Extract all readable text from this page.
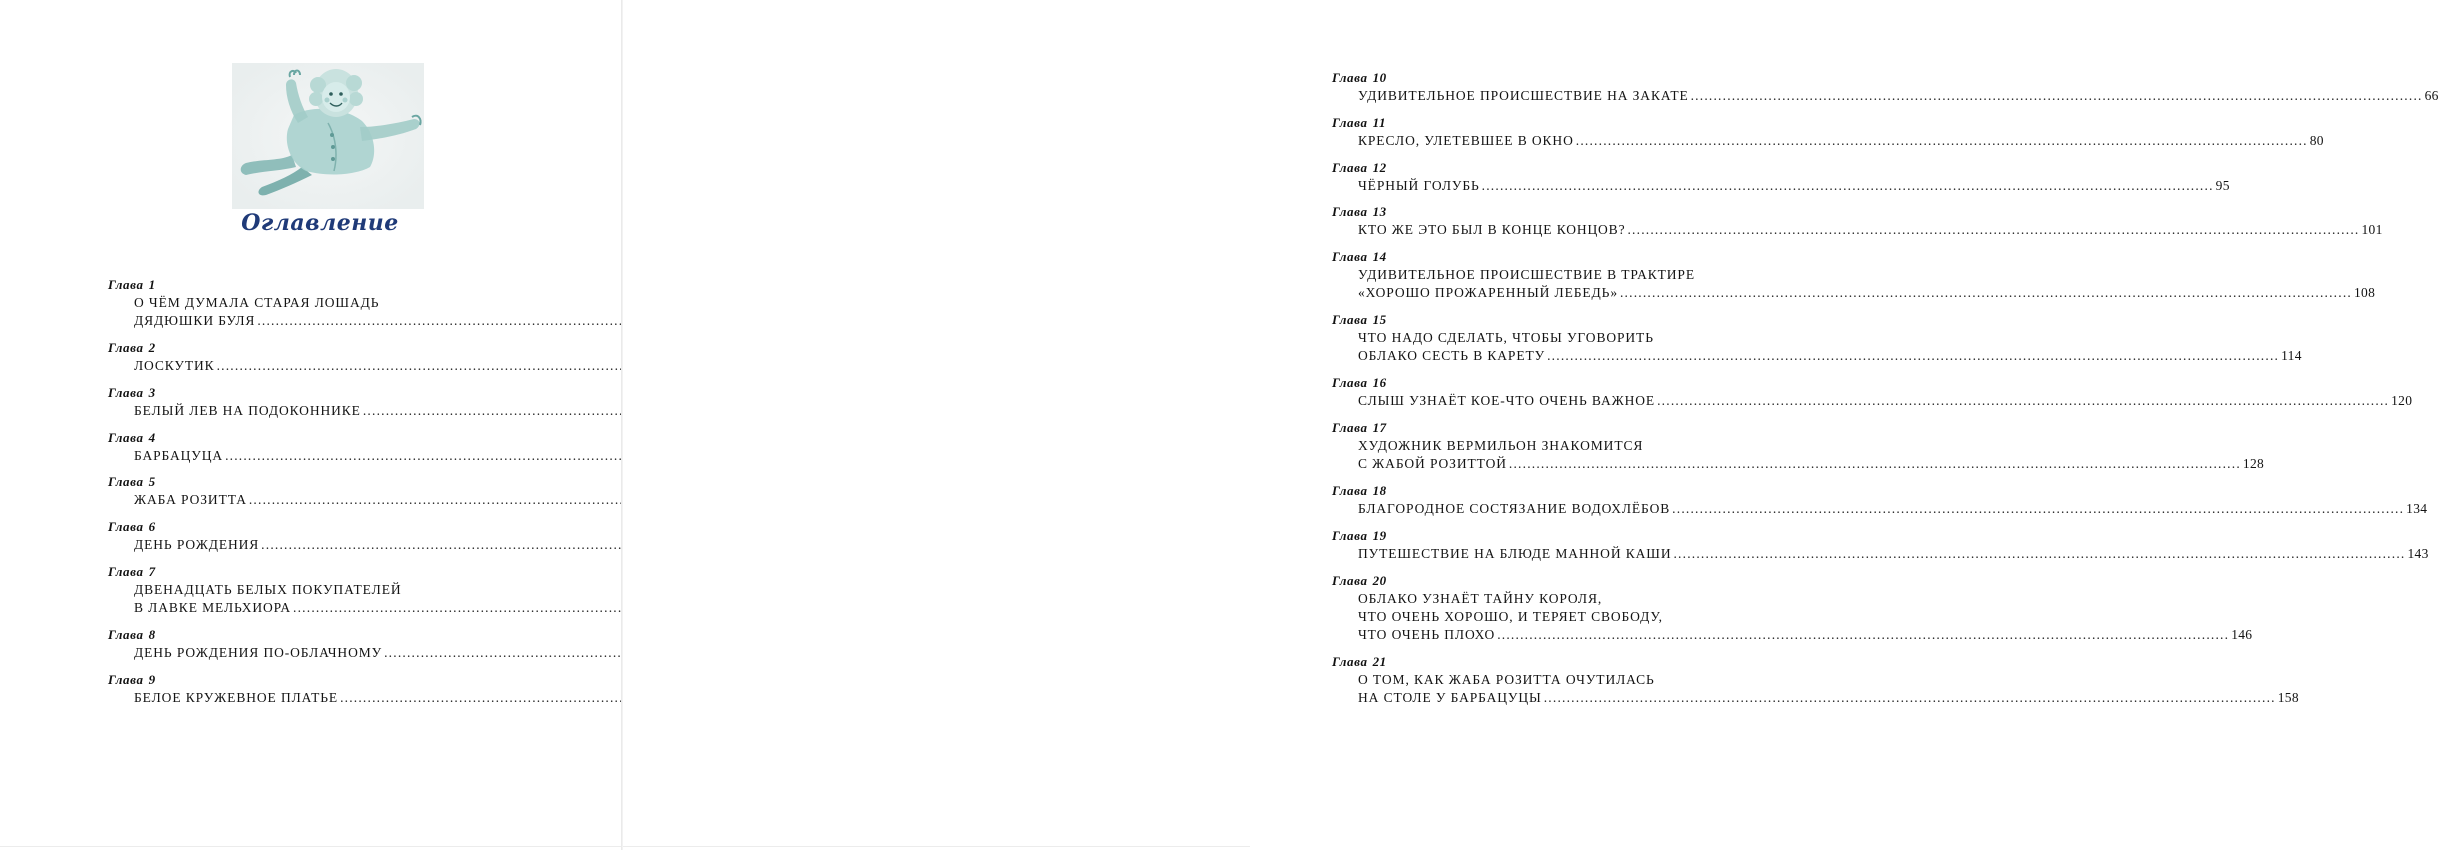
Оглавление
Глава 1
О ЧЁМ ДУМАЛА СТАРАЯ ЛОШАДЬ
ДЯДЮШКИ БУЛЯ
.....
Глава 2
ЛОСКУТИК
.....
Глава 3
БЕЛЫЙ ЛЕВ НА ПОДОКОННИКЕ
.....
Глава 4
БАРБАЦУЦА
.....
Глава 5
ЖАБА РОЗИТТА
.....
Глава 6
ДЕНЬ РОЖДЕНИЯ
.....
Глава 7
ДВЕНАДЦАТЬ БЕЛЫХ ПОКУПАТЕЛЕЙ
В ЛАВКЕ МЕЛЬХИОРА
.....
Глава 8
ДЕНЬ РОЖДЕНИЯ ПО-ОБЛАЧНОМУ
.....
Глава 9
БЕЛОЕ КРУЖЕВНОЕ ПЛАТЬЕ
.....
Глава 10
УДИВИТЕЛЬНОЕ ПРОИСШЕСТВИЕ НА ЗАКАТЕ .....	66
Глава 11
КРЕСЛО, УЛЕТЕВШЕЕ В ОКНО .....	80
Глава 12
ЧЁРНЫЙ ГОЛУБЬ .....	95
Глава 13
КТО ЖЕ ЭТО БЫЛ В КОНЦЕ КОНЦОВ? .....	101
Глава 14
УДИВИТЕЛЬНОЕ ПРОИСШЕСТВИЕ В ТРАКТИРЕ
«ХОРОШО ПРОЖАРЕННЫЙ ЛЕБЕДЬ» .....	108
Глава 15
ЧТО НАДО СДЕЛАТЬ, ЧТОБЫ УГОВОРИТЬ
ОБЛАКО СЕСТЬ В КАРЕТУ .....	114
Глава 16
СЛЫШ УЗНАЁТ КОЕ-ЧТО ОЧЕНЬ ВАЖНОЕ .....	120
Глава 17
ХУДОЖНИК ВЕРМИЛЬОН ЗНАКОМИТСЯ
С ЖАБОЙ РОЗИТТОЙ .....	128
Глава 18
БЛАГОРОДНОЕ СОСТЯЗАНИЕ ВОДОХЛЁБОВ .....	134
Глава 19
ПУТЕШЕСТВИЕ НА БЛЮДЕ МАННОЙ КАШИ .....	143
Глава 20
ОБЛАКО УЗНАЁТ ТАЙНУ КОРОЛЯ,
ЧТО ОЧЕНЬ ХОРОШО, И ТЕРЯЕТ СВОБОДУ,
ЧТО ОЧЕНЬ ПЛОХО .....	146
Глава 21
О ТОМ, КАК ЖАБА РОЗИТТА ОЧУТИЛАСЬ
НА СТОЛЕ У БАРБАЦУЦЫ .....	158
